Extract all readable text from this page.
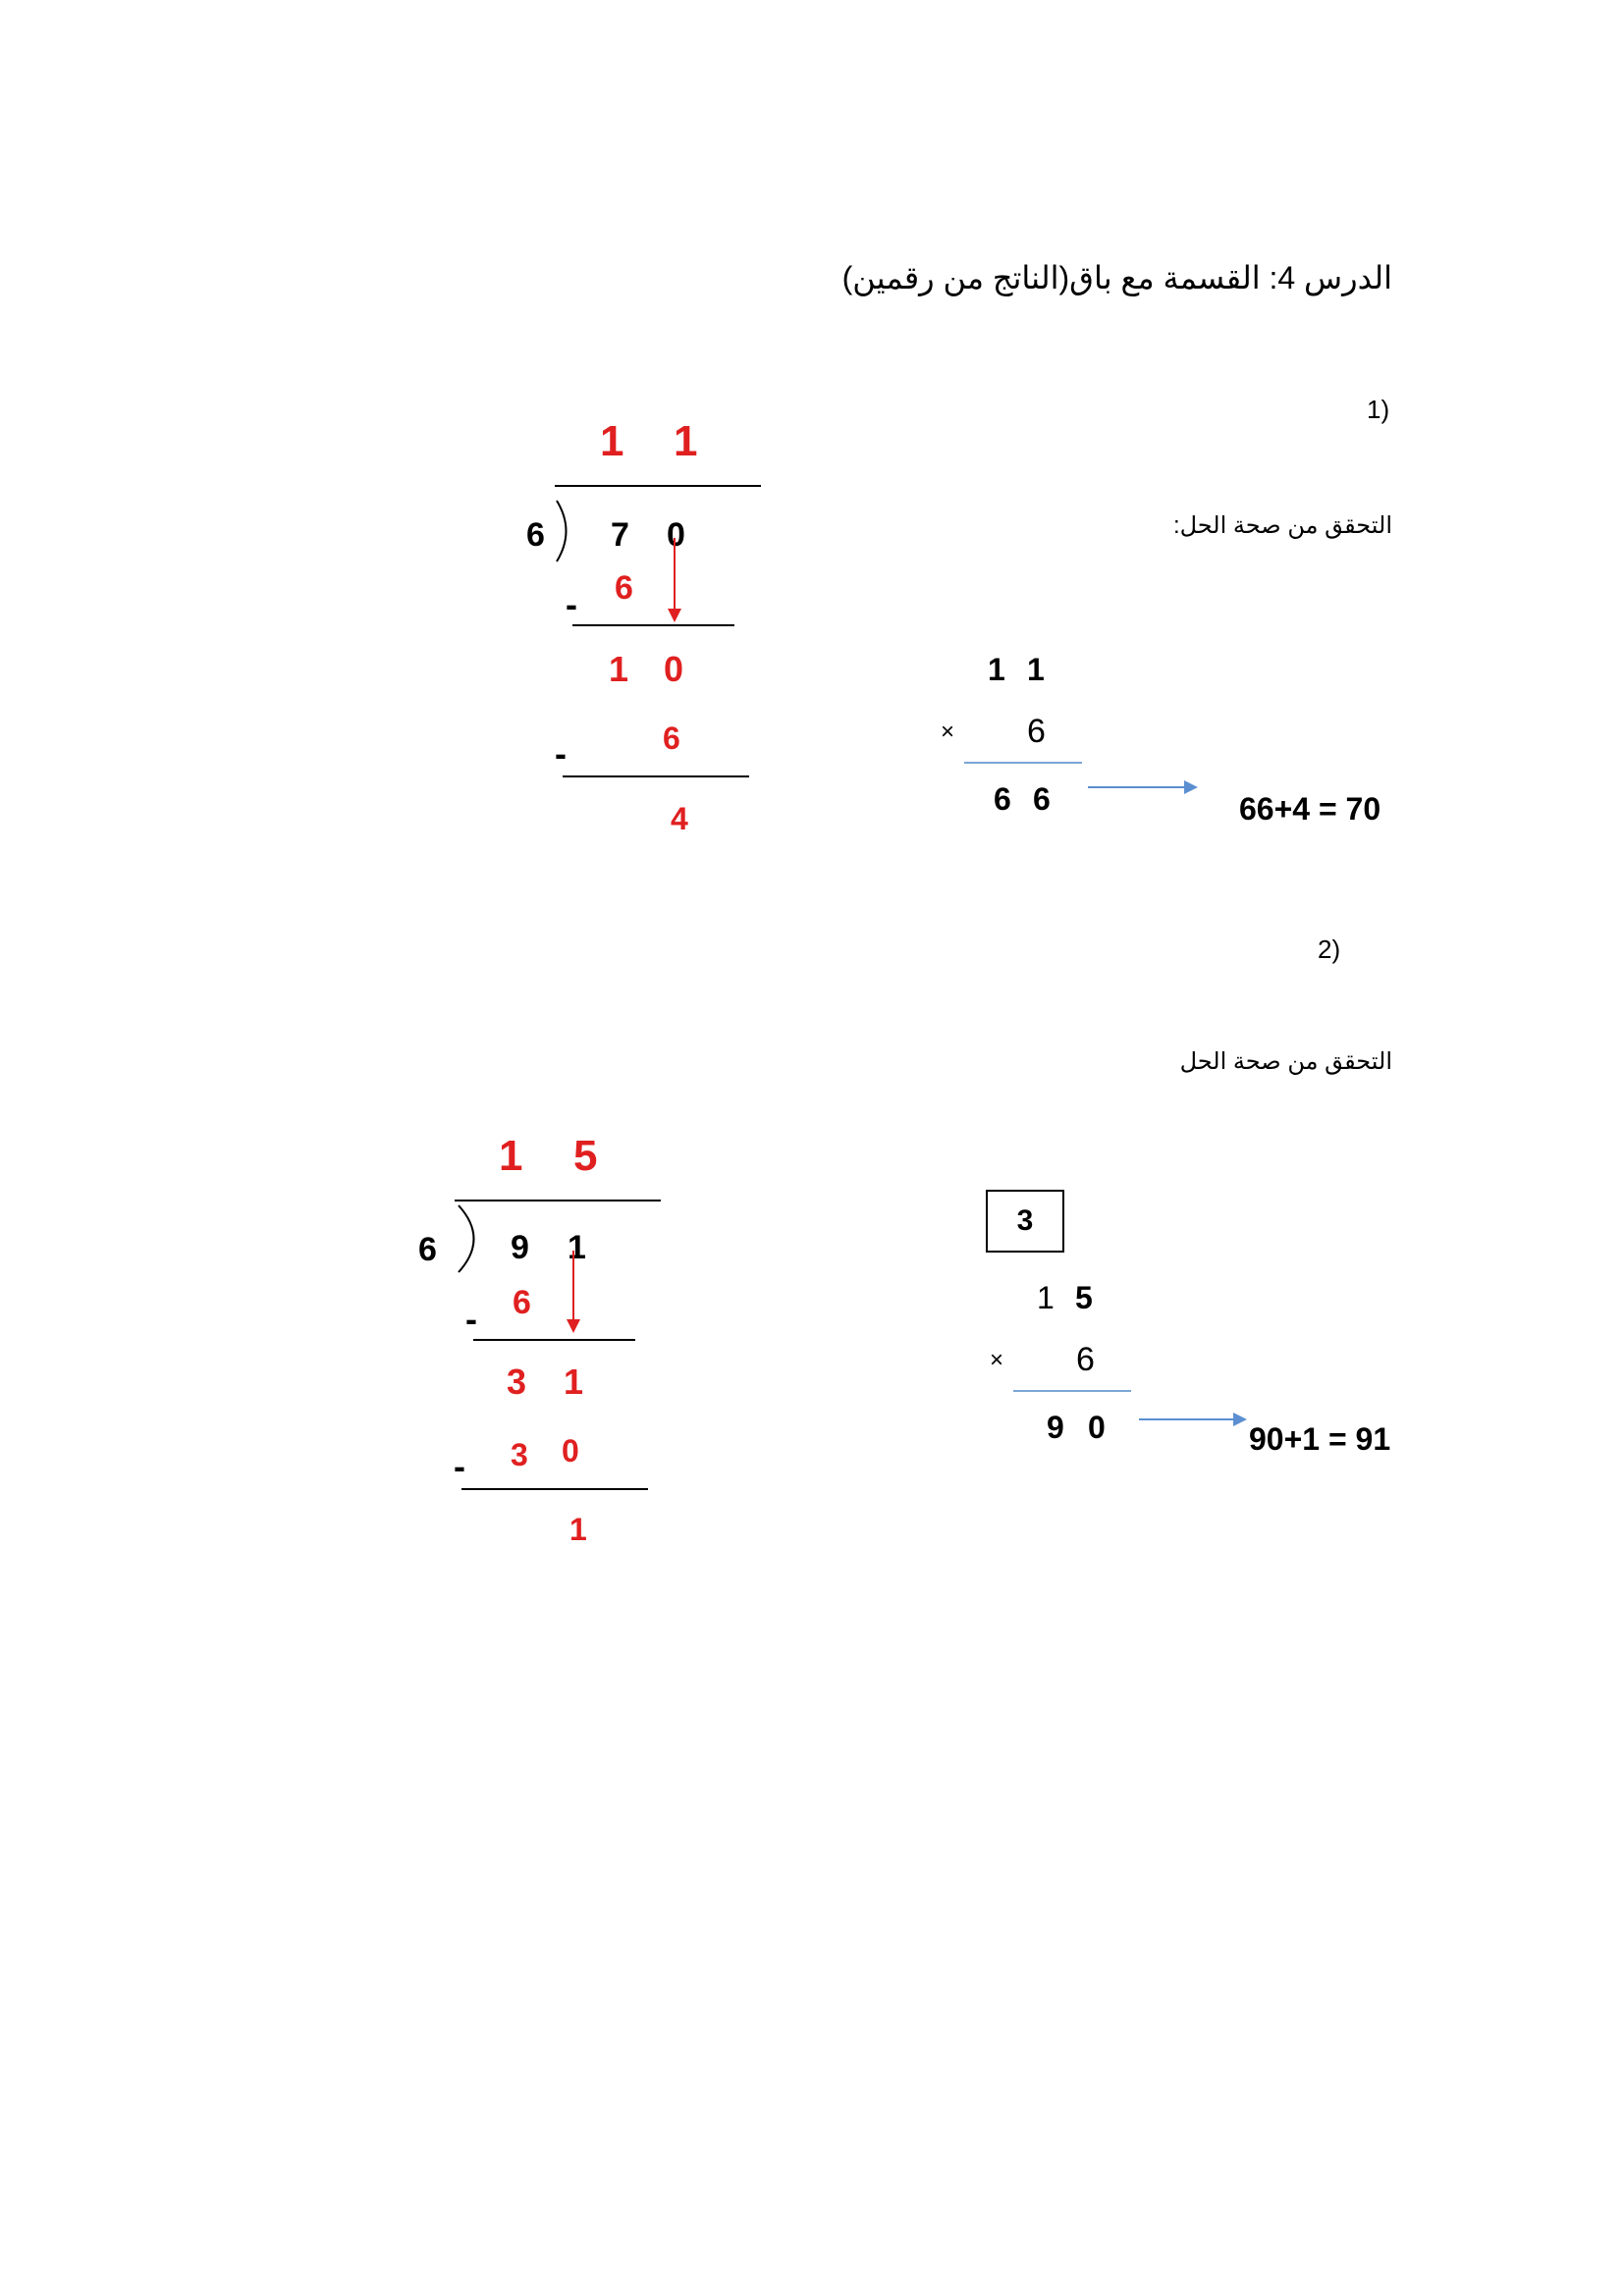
الدرس 4: القسمة مع باق(الناتج من رقمين)
1)
التحقق من صحة الحل:
1 1
6 7 0
6
-
1 0
6
-
4
1 1
× 6
6 6	66+4 = 70
2)
التحقق من صحة الحل
1 5
6 9 1
6
-
3 1
3 0
-
1
3
1 5
× 6
9 0	90+1 = 91
